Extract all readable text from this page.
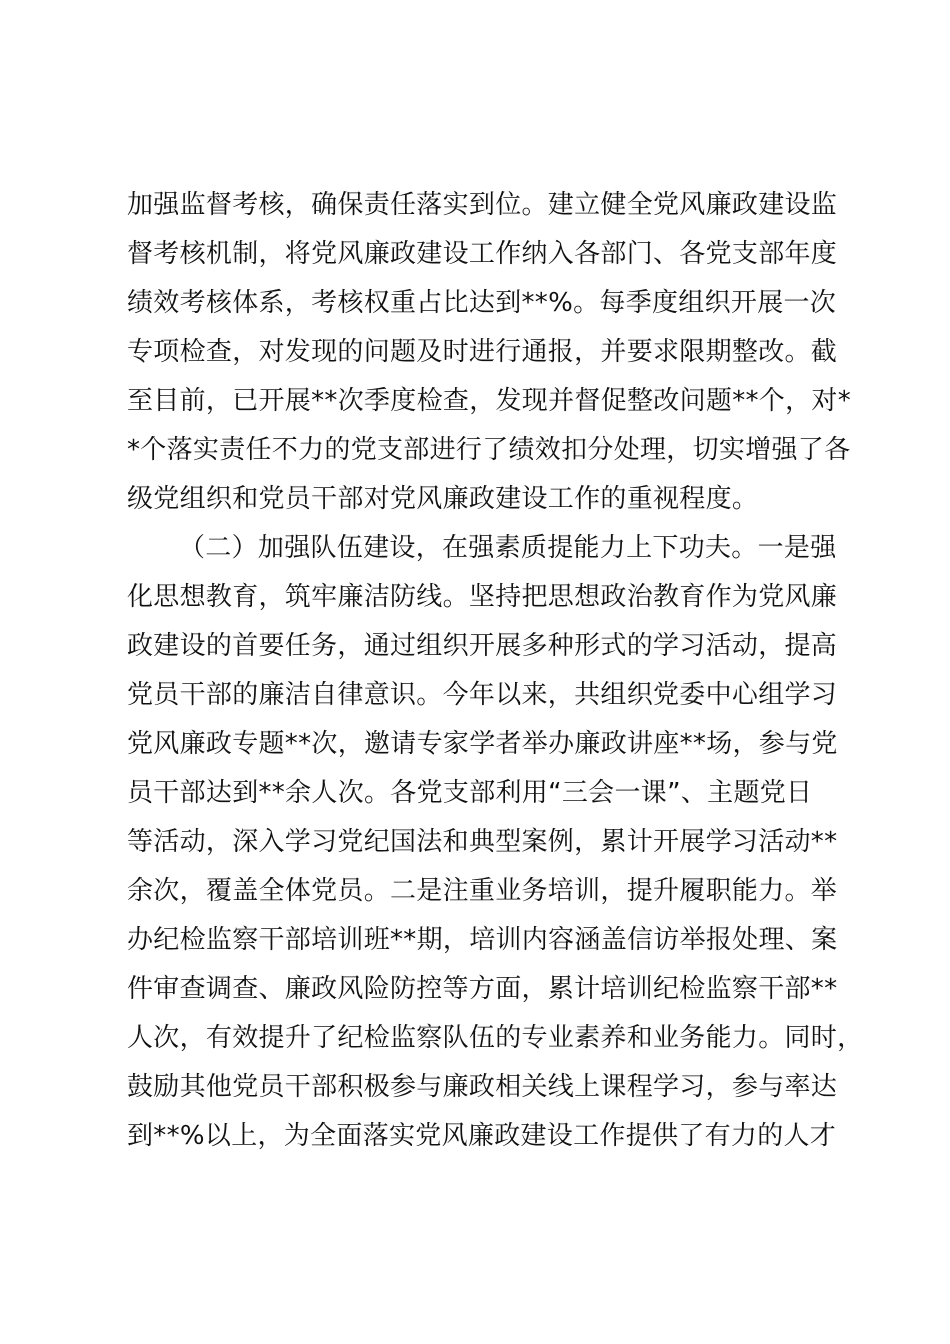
加强监督考核，确保责任落实到位。建立健全党风廉政建设监
督考核机制，将党风廉政建设工作纳入各部门、各党支部年度
绩效考核体系，考核权重占比达到**%。每季度组织开展一次
专项检查，对发现的问题及时进行通报，并要求限期整改。截
至目前，已开展**次季度检查，发现并督促整改问题**个，对*
*个落实责任不力的党支部进行了绩效扣分处理，切实增强了各
级党组织和党员干部对党风廉政建设工作的重视程度。
（二）加强队伍建设，在强素质提能力上下功夫。一是强
化思想教育，筑牢廉洁防线。坚持把思想政治教育作为党风廉
政建设的首要任务，通过组织开展多种形式的学习活动，提高
党员干部的廉洁自律意识。今年以来，共组织党委中心组学习
党风廉政专题**次，邀请专家学者举办廉政讲座**场，参与党
员干部达到**余人次。各党支部利用“三会一课”、主题党日
等活动，深入学习党纪国法和典型案例，累计开展学习活动**
余次，覆盖全体党员。二是注重业务培训，提升履职能力。举
办纪检监察干部培训班**期，培训内容涵盖信访举报处理、案
件审查调查、廉政风险防控等方面，累计培训纪检监察干部**
人次，有效提升了纪检监察队伍的专业素养和业务能力。同时，
鼓励其他党员干部积极参与廉政相关线上课程学习，参与率达
到**%以上，为全面落实党风廉政建设工作提供了有力的人才
